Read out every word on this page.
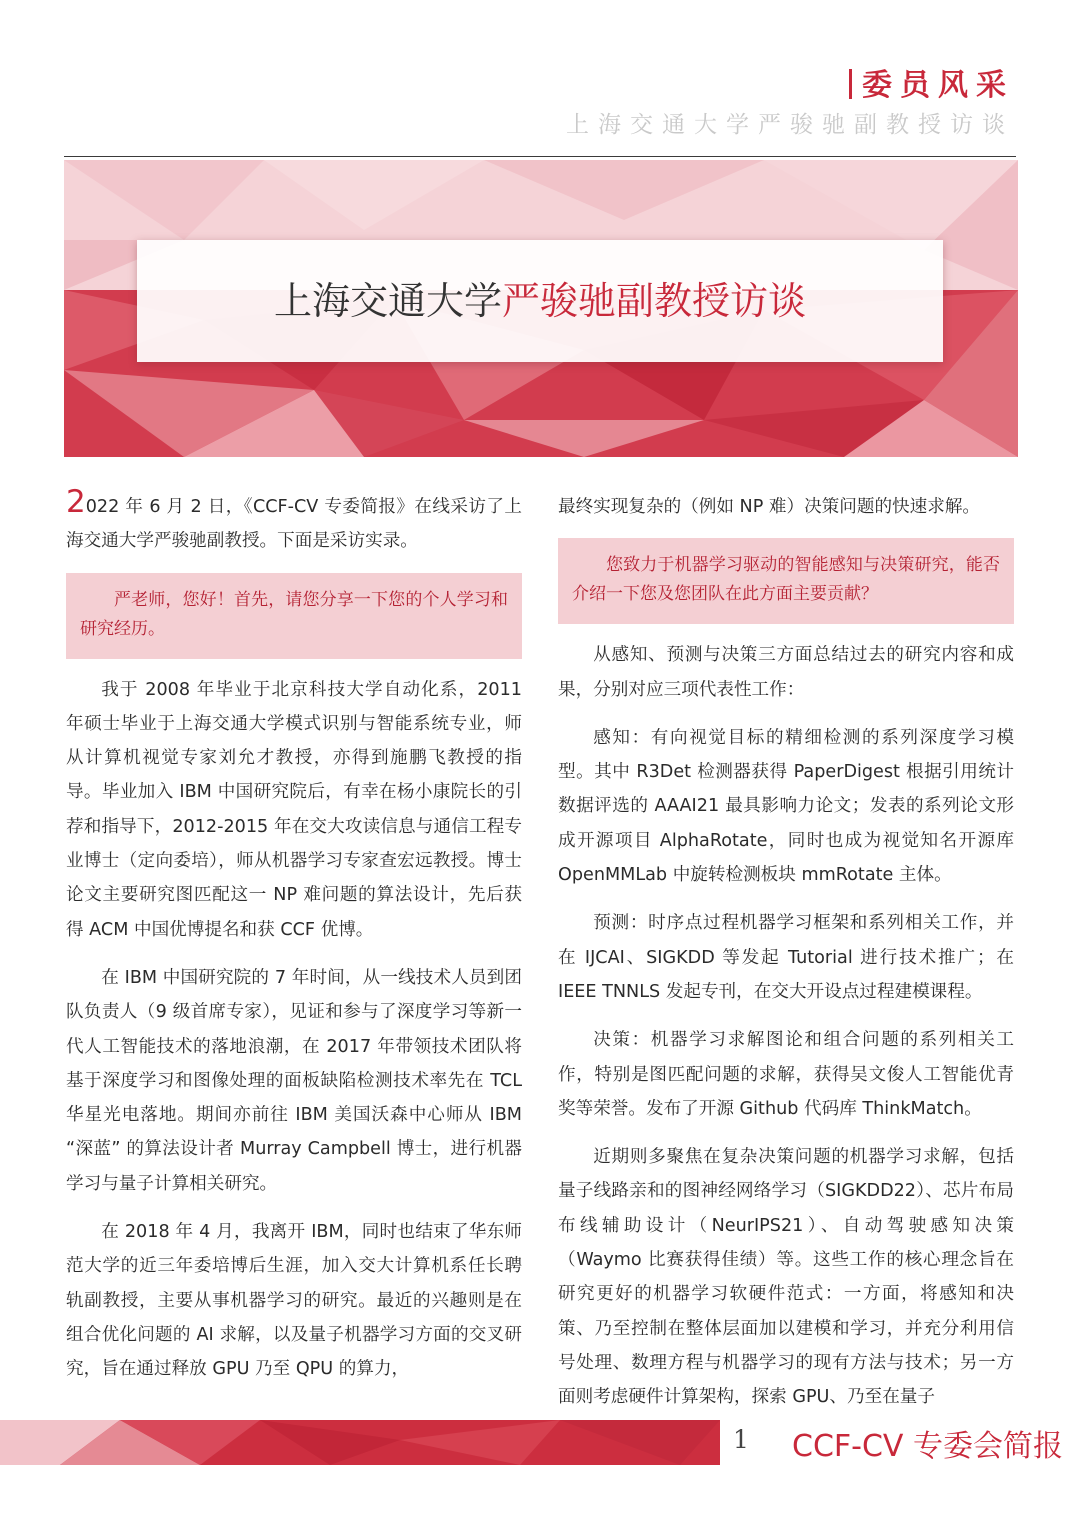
委员风采
上海交通大学严骏驰副教授访谈
上海交通大学严骏驰副教授访谈

2022 年 6 月 2 日，《CCF-CV 专委简报》在线采访了上海交通大学严骏驰副教授。下面是采访实录。

严老师，您好！首先，请您分享一下您的个人学习和研究经历。

我于 2008 年毕业于北京科技大学自动化系，2011 年硕士毕业于上海交通大学模式识别与智能系统专业，师从计算机视觉专家刘允才教授，亦得到施鹏飞教授的指导。毕业加入 IBM 中国研究院后，有幸在杨小康院长的引荐和指导下，2012-2015 年在交大攻读信息与通信工程专业博士（定向委培），师从机器学习专家查宏远教授。博士论文主要研究图匹配这一 NP 难问题的算法设计，先后获得 ACM 中国优博提名和获 CCF 优博。

在 IBM 中国研究院的 7 年时间，从一线技术人员到团队负责人（9 级首席专家），见证和参与了深度学习等新一代人工智能技术的落地浪潮，在 2017 年带领技术团队将基于深度学习和图像处理的面板缺陷检测技术率先在 TCL 华星光电落地。期间亦前往 IBM 美国沃森中心师从 IBM “深蓝” 的算法设计者 Murray Campbell 博士，进行机器学习与量子计算相关研究。

在 2018 年 4 月，我离开 IBM，同时也结束了华东师范大学的近三年委培博后生涯，加入交大计算机系任长聘轨副教授，主要从事机器学习的研究。最近的兴趣则是在组合优化问题的 AI 求解，以及量子机器学习方面的交叉研究，旨在通过释放 GPU 乃至 QPU 的算力，

最终实现复杂的（例如 NP 难）决策问题的快速求解。

您致力于机器学习驱动的智能感知与决策研究，能否介绍一下您及您团队在此方面主要贡献？

从感知、预测与决策三方面总结过去的研究内容和成果，分别对应三项代表性工作：

感知：有向视觉目标的精细检测的系列深度学习模型。其中 R3Det 检测器获得 PaperDigest 根据引用统计数据评选的 AAAI21 最具影响力论文；发表的系列论文形成开源项目 AlphaRotate，同时也成为视觉知名开源库 OpenMMLab 中旋转检测板块 mmRotate 主体。

预测：时序点过程机器学习框架和系列相关工作，并在 IJCAI、SIGKDD 等发起 Tutorial 进行技术推广；在 IEEE TNNLS 发起专刊，在交大开设点过程建模课程。

决策：机器学习求解图论和组合问题的系列相关工作，特别是图匹配问题的求解，获得吴文俊人工智能优青奖等荣誉。发布了开源 Github 代码库 ThinkMatch。

近期则多聚焦在复杂决策问题的机器学习求解，包括量子线路亲和的图神经网络学习（SIGKDD22）、芯片布局布线辅助设计（NeurIPS21）、自动驾驶感知决策（Waymo 比赛获得佳绩）等。这些工作的核心理念旨在研究更好的机器学习软硬件范式：一方面，将感知和决策、乃至控制在整体层面加以建模和学习，并充分利用信号处理、数理方程与机器学习的现有方法与技术；另一方面则考虑硬件计算架构，探索 GPU、乃至在量子

1 CCF-CV 专委会简报
